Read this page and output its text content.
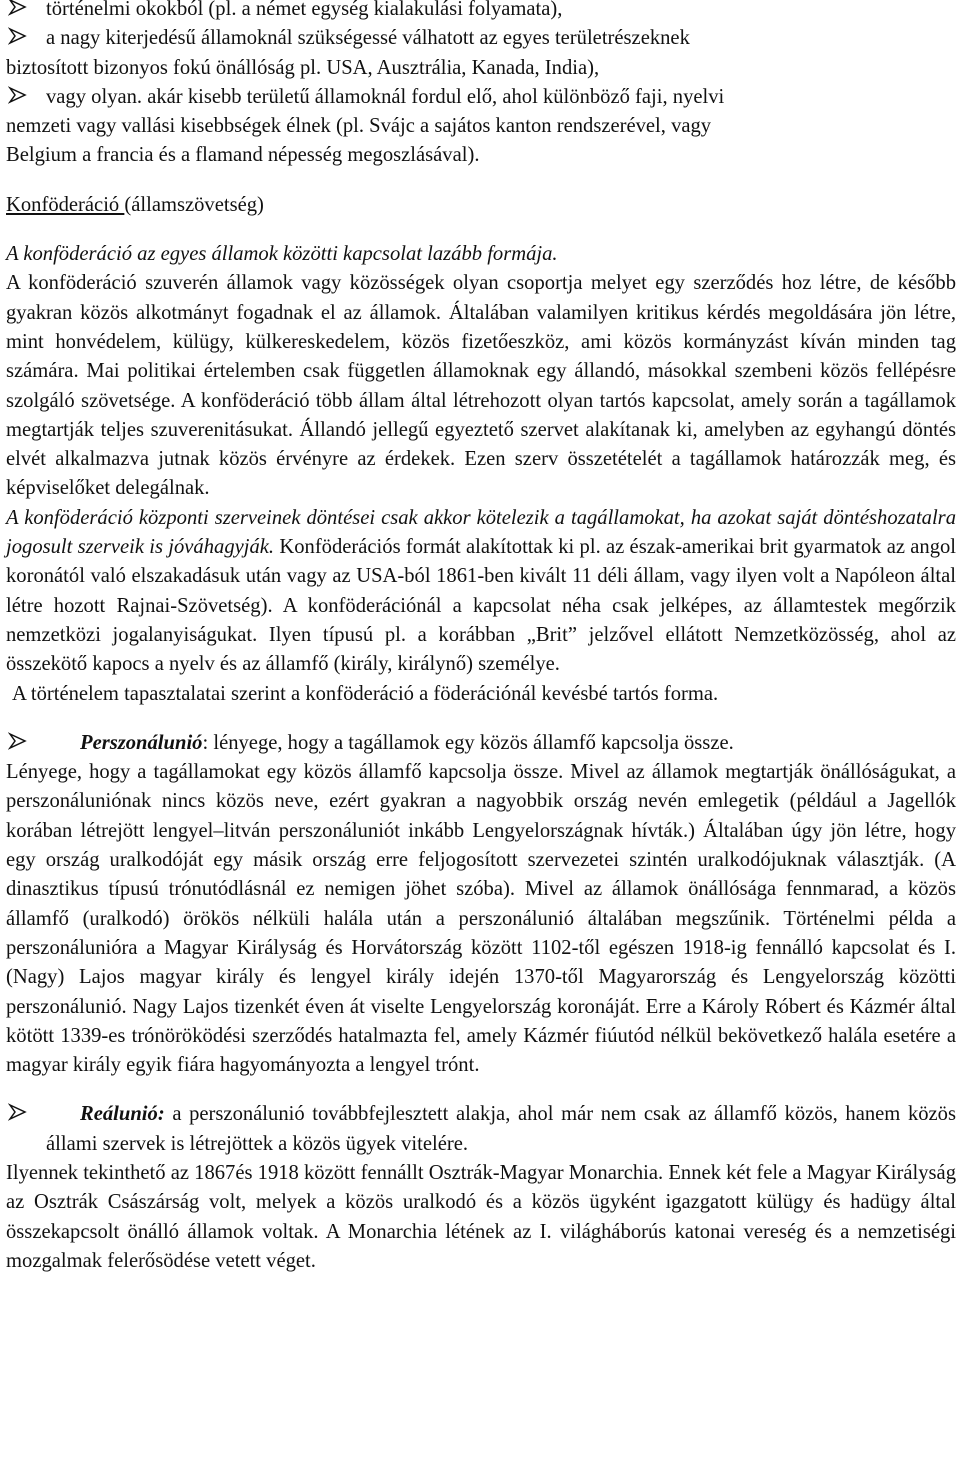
történelmi okokból (pl. a német egység kialakulási folyamata),

a nagy kiterjedésű államoknál szükségessé válhatott az egyes területrészeknek

biztosított bizonyos fokú önállóság pl. USA, Ausztrália, Kanada, India),

vagy olyan. akár kisebb területű államoknál fordul elő, ahol különböző faji, nyelvi

nemzeti vagy vallási kisebbségek élnek (pl. Svájc a sajátos kanton rendszerével, vagy

Belgium a francia és a flamand népesség megoszlásával).

Konföderáció (államszövetség)

A konföderáció az egyes államok közötti kapcsolat lazább formája.

A konföderáció szuverén államok vagy közösségek olyan csoportja melyet egy szerződés hoz létre, de később gyakran közös alkotmányt fogadnak el az államok. Általában valamilyen kritikus kérdés megoldására jön létre, mint honvédelem, külügy, külkereskedelem, közös fizetőeszköz, ami közös kormányzást kíván minden tag számára. Mai politikai értelemben csak független államoknak egy állandó, másokkal szembeni közös fellépésre szolgáló szövetsége. A konföderáció több állam által létrehozott olyan tartós kapcsolat, amely során a tagállamok megtartják teljes szuverenitásukat. Állandó jellegű egyeztető szervet alakítanak ki, amelyben az egyhangú döntés elvét alkalmazva jutnak közös érvényre az érdekek. Ezen szerv összetételét a tagállamok határozzák meg, és képviselőket delegálnak.

A konföderáció központi szerveinek döntései csak akkor kötelezik a tagállamokat, ha azokat saját döntéshozatalra jogosult szerveik is jóváhagyják. Konföderációs formát alakítottak ki pl. az észak-amerikai brit gyarmatok az angol koronától való elszakadásuk után vagy az USA-ból 1861-ben kivált 11 déli állam, vagy ilyen volt a Napóleon által létre hozott Rajnai-Szövetség). A konföderációnál a kapcsolat néha csak jelképes, az államtestek megőrzik nemzetközi jogalanyiságukat. Ilyen típusú pl. a korábban „Brit” jelzővel ellátott Nemzetközösség, ahol az összekötő kapocs a nyelv és az államfő (király, királynő) személye.

A történelem tapasztalatai szerint a konföderáció a föderációnál kevésbé tartós forma.

Perszonálunió: lényege, hogy a tagállamok egy közös államfő kapcsolja össze.

Lényege, hogy a tagállamokat egy közös államfő kapcsolja össze. Mivel az államok megtartják önállóságukat, a perszonáluniónak nincs közös neve, ezért gyakran a nagyobbik ország nevén emlegetik (például a Jagellók korában létrejött lengyel–litván perszonáluniót inkább Lengyelországnak hívták.) Általában úgy jön létre, hogy egy ország uralkodóját egy másik ország erre feljogosított szervezetei szintén uralkodójuknak választják. (A dinasztikus típusú trónutódlásnál ez nemigen jöhet szóba). Mivel az államok önállósága fennmarad, a közös államfő (uralkodó) örökös nélküli halála után a perszonálunió általában megszűnik. Történelmi példa a perszonálunióra a Magyar Királyság és Horvátország között 1102-től egészen 1918-ig fennálló kapcsolat és I.(Nagy) Lajos magyar király és lengyel király idején 1370-től Magyarország és Lengyelország közötti perszonálunió. Nagy Lajos tizenkét éven át viselte Lengyelország koronáját. Erre a Károly Róbert és Kázmér által kötött 1339-es trónöröködési szerződés hatalmazta fel, amely Kázmér fiúutód nélkül bekövetkező halála esetére a magyar király egyik fiára hagyományozta a lengyel trónt.

Reálunió: a perszonálunió továbbfejlesztett alakja, ahol már nem csak az államfő közös, hanem közös állami szervek is létrejöttek a közös ügyek vitelére.

Ilyennek tekinthető az 1867és 1918 között fennállt Osztrák-Magyar Monarchia. Ennek két fele a Magyar Királyság az Osztrák Császárság volt, melyek a közös uralkodó és a közös ügyként igazgatott külügy és hadügy által összekapcsolt önálló államok voltak. A Monarchia létének az I. világháborús katonai vereség és a nemzetiségi mozgalmak felerősödése vetett véget.
